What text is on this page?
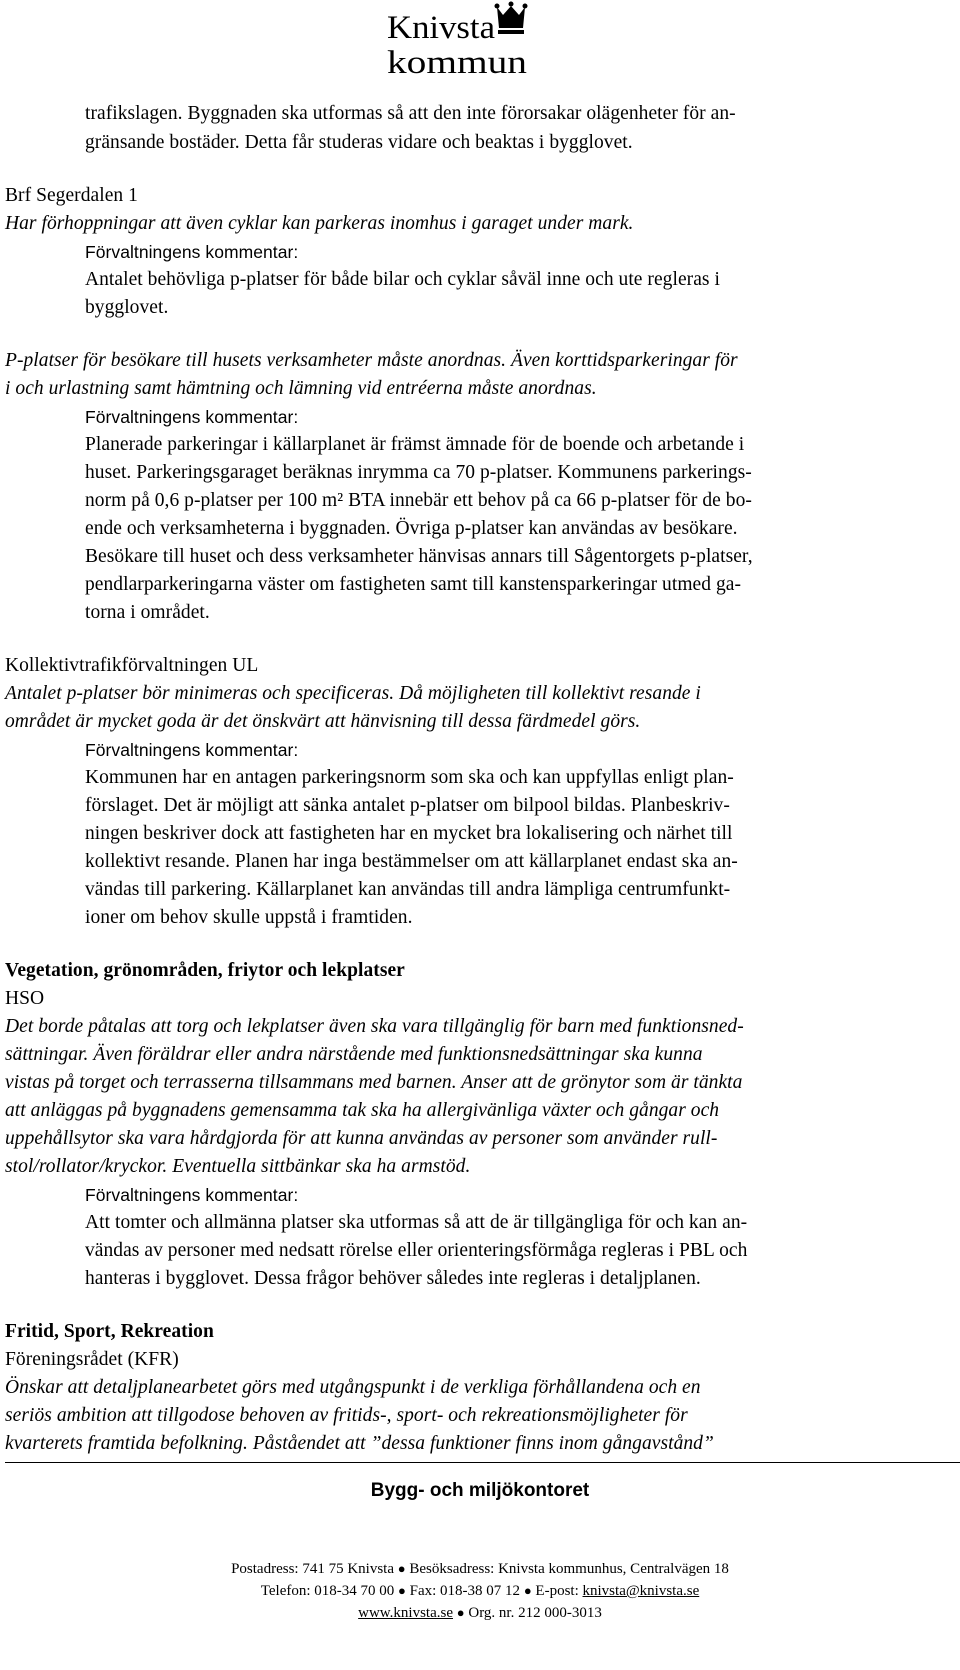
Knivsta
kommun
trafikslagen. Byggnaden ska utformas så att den inte förorsakar olägenheter för an-
gränsande bostäder. Detta får studeras vidare och beaktas i bygglovet.
Brf Segerdalen 1
Har förhoppningar att även cyklar kan parkeras inomhus i garaget under mark.
Förvaltningens kommentar:
Antalet behövliga p-platser för både bilar och cyklar såväl inne och ute regleras i
bygglovet.
P-platser för besökare till husets verksamheter måste anordnas. Även korttidsparkeringar för
i och urlastning samt hämtning och lämning vid entréerna måste anordnas.
Förvaltningens kommentar:
Planerade parkeringar i källarplanet är främst ämnade för de boende och arbetande i
huset. Parkeringsgaraget beräknas inrymma ca 70 p-platser. Kommunens parkerings-
norm på 0,6 p-platser per 100 m² BTA innebär ett behov på ca 66 p-platser för de bo-
ende och verksamheterna i byggnaden. Övriga p-platser kan användas av besökare.
Besökare till huset och dess verksamheter hänvisas annars till Sågentorgets p-platser,
pendlarparkeringarna väster om fastigheten samt till kanstensparkeringar utmed ga-
torna i området.
Kollektivtrafikförvaltningen UL
Antalet p-platser bör minimeras och specificeras. Då möjligheten till kollektivt resande i
området är mycket goda är det önskvärt att hänvisning till dessa färdmedel görs.
Förvaltningens kommentar:
Kommunen har en antagen parkeringsnorm som ska och kan uppfyllas enligt plan-
förslaget. Det är möjligt att sänka antalet p-platser om bilpool bildas. Planbeskriv-
ningen beskriver dock att fastigheten har en mycket bra lokalisering och närhet till
kollektivt resande. Planen har inga bestämmelser om att källarplanet endast ska an-
vändas till parkering. Källarplanet kan användas till andra lämpliga centrumfunkt-
ioner om behov skulle uppstå i framtiden.
Vegetation, grönområden, friytor och lekplatser
HSO
Det borde påtalas att torg och lekplatser även ska vara tillgänglig för barn med funktionsned-
sättningar. Även föräldrar eller andra närstående med funktionsnedsättningar ska kunna
vistas på torget och terrasserna tillsammans med barnen. Anser att de grönytor som är tänkta
att anläggas på byggnadens gemensamma tak ska ha allergivänliga växter och gångar och
uppehållsytor ska vara hårdgjorda för att kunna användas av personer som använder rull-
stol/rollator/kryckor. Eventuella sittbänkar ska ha armstöd.
Förvaltningens kommentar:
Att tomter och allmänna platser ska utformas så att de är tillgängliga för och kan an-
vändas av personer med nedsatt rörelse eller orienteringsförmåga regleras i PBL och
hanteras i bygglovet. Dessa frågor behöver således inte regleras i detaljplanen.
Fritid, Sport, Rekreation
Föreningsrådet (KFR)
Önskar att detaljplanearbetet görs med utgångspunkt i de verkliga förhållandena och en
seriös ambition att tillgodose behoven av fritids-, sport- och rekreationsmöjligheter för
kvarterets framtida befolkning. Påståendet att ”dessa funktioner finns inom gångavstånd”
Bygg- och miljökontoret
Postadress: 741 75 Knivsta ● Besöksadress: Knivsta kommunhus, Centralvägen 18
Telefon: 018-34 70 00 ● Fax: 018-38 07 12 ● E-post: knivsta@knivsta.se
www.knivsta.se ● Org. nr. 212 000-3013
